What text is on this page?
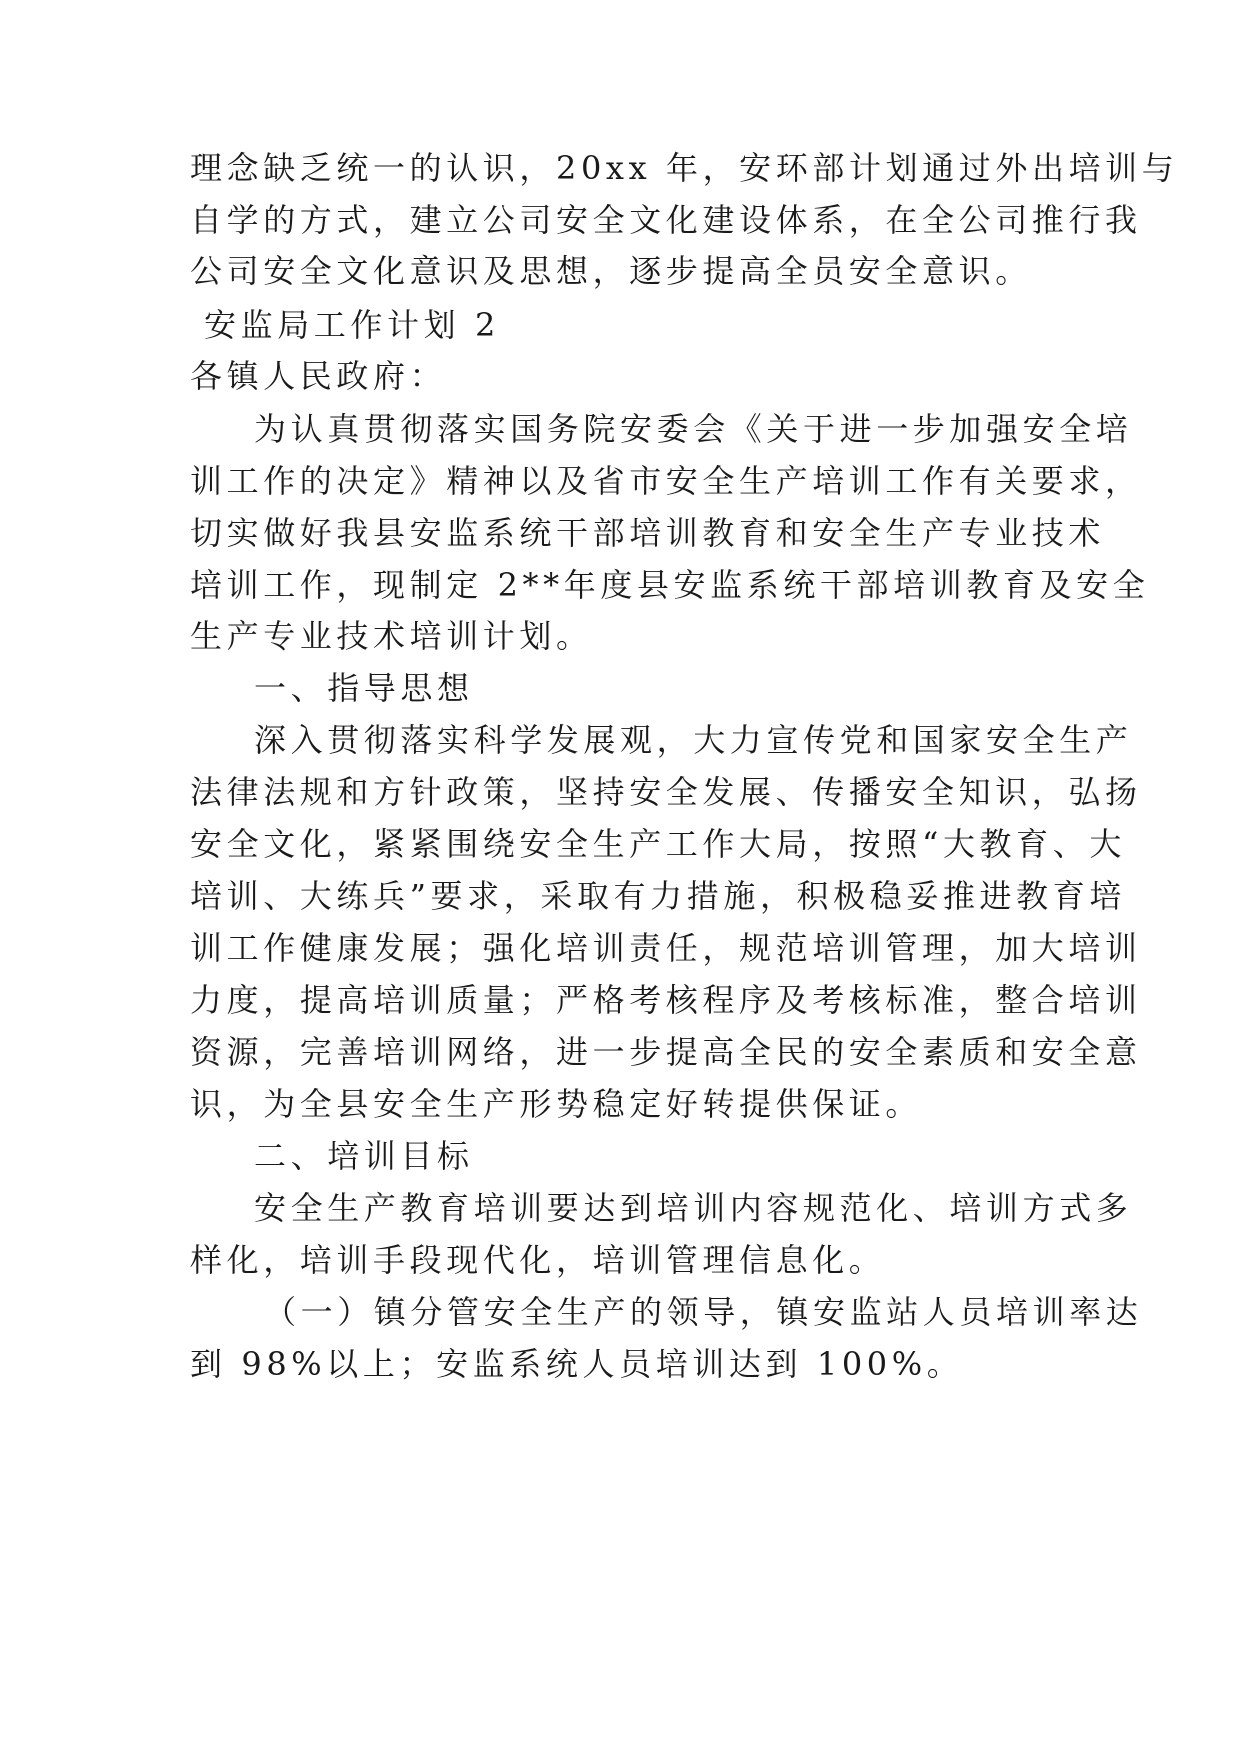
理念缺乏统一的认识，20xx 年，安环部计划通过外出培训与
自学的方式，建立公司安全文化建设体系，在全公司推行我
公司安全文化意识及思想，逐步提高全员安全意识。
安监局工作计划 2
各镇人民政府：
为认真贯彻落实国务院安委会《关于进一步加强安全培
训工作的决定》精神以及省市安全生产培训工作有关要求，
切实做好我县安监系统干部培训教育和安全生产专业技术
培训工作，现制定 2**年度县安监系统干部培训教育及安全
生产专业技术培训计划。
一、指导思想
深入贯彻落实科学发展观，大力宣传党和国家安全生产
法律法规和方针政策，坚持安全发展、传播安全知识，弘扬
安全文化，紧紧围绕安全生产工作大局，按照“大教育、大
培训、大练兵”要求，采取有力措施，积极稳妥推进教育培
训工作健康发展；强化培训责任，规范培训管理，加大培训
力度，提高培训质量；严格考核程序及考核标准，整合培训
资源，完善培训网络，进一步提高全民的安全素质和安全意
识，为全县安全生产形势稳定好转提供保证。
二、培训目标
安全生产教育培训要达到培训内容规范化、培训方式多
样化，培训手段现代化，培训管理信息化。
（一）镇分管安全生产的领导，镇安监站人员培训率达
到 98%以上；安监系统人员培训达到 100%。
